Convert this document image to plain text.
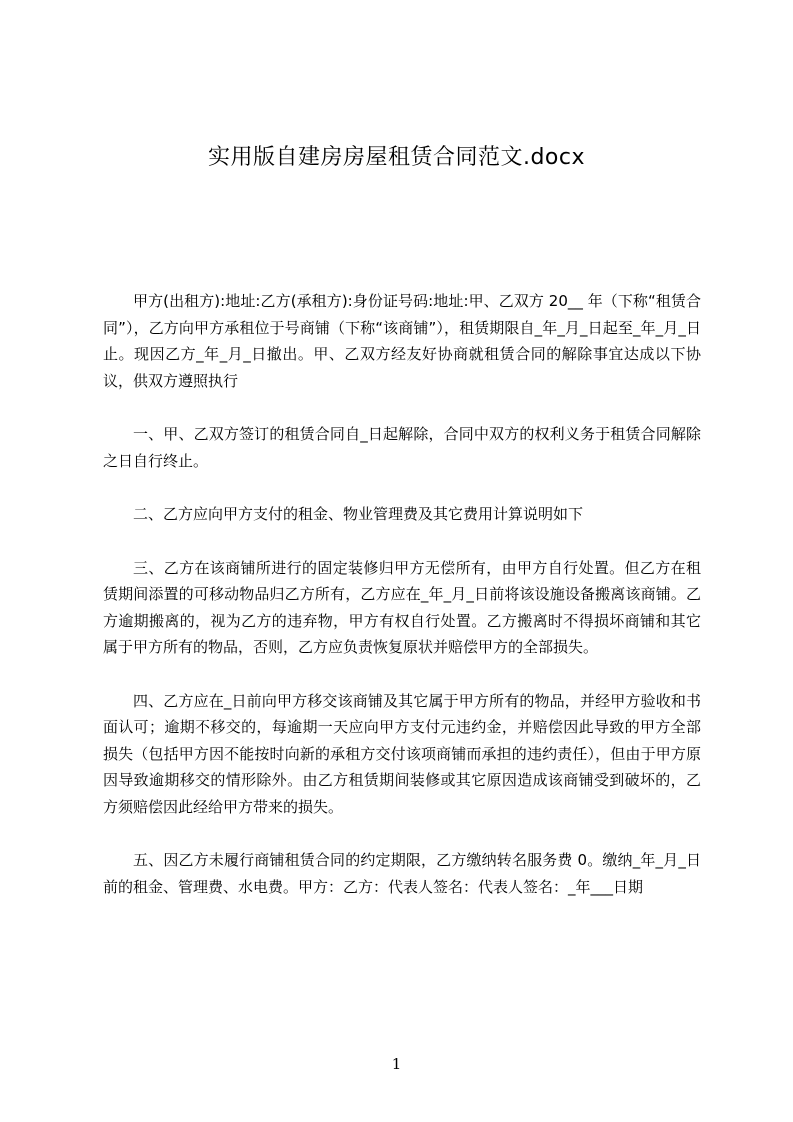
实用版自建房房屋租赁合同范文.docx

甲方(出租方):地址:乙方(承租方):身份证号码:地址:甲、乙双方 20__ 年（下称“租赁合同”），乙方向甲方承租位于号商铺（下称“该商铺”），租赁期限自_年_月_日起至_年_月_日止。现因乙方_年_月_日撤出。甲、乙双方经友好协商就租赁合同的解除事宜达成以下协议，供双方遵照执行

一、甲、乙双方签订的租赁合同自_日起解除，合同中双方的权利义务于租赁合同解除之日自行终止。

二、乙方应向甲方支付的租金、物业管理费及其它费用计算说明如下

三、乙方在该商铺所进行的固定装修归甲方无偿所有，由甲方自行处置。但乙方在租赁期间添置的可移动物品归乙方所有，乙方应在_年_月_日前将该设施设备搬离该商铺。乙方逾期搬离的，视为乙方的违弃物，甲方有权自行处置。乙方搬离时不得损坏商铺和其它属于甲方所有的物品，否则，乙方应负责恢复原状并赔偿甲方的全部损失。

四、乙方应在_日前向甲方移交该商铺及其它属于甲方所有的物品，并经甲方验收和书面认可；逾期不移交的，每逾期一天应向甲方支付元违约金，并赔偿因此导致的甲方全部损失（包括甲方因不能按时向新的承租方交付该项商铺而承担的违约责任），但由于甲方原因导致逾期移交的情形除外。由乙方租赁期间装修或其它原因造成该商铺受到破坏的，乙方须赔偿因此经给甲方带来的损失。

五、因乙方未履行商铺租赁合同的约定期限，乙方缴纳转名服务费 0。缴纳_年_月_日前的租金、管理费、水电费。甲方：乙方：代表人签名：代表人签名：_年___日期

1
